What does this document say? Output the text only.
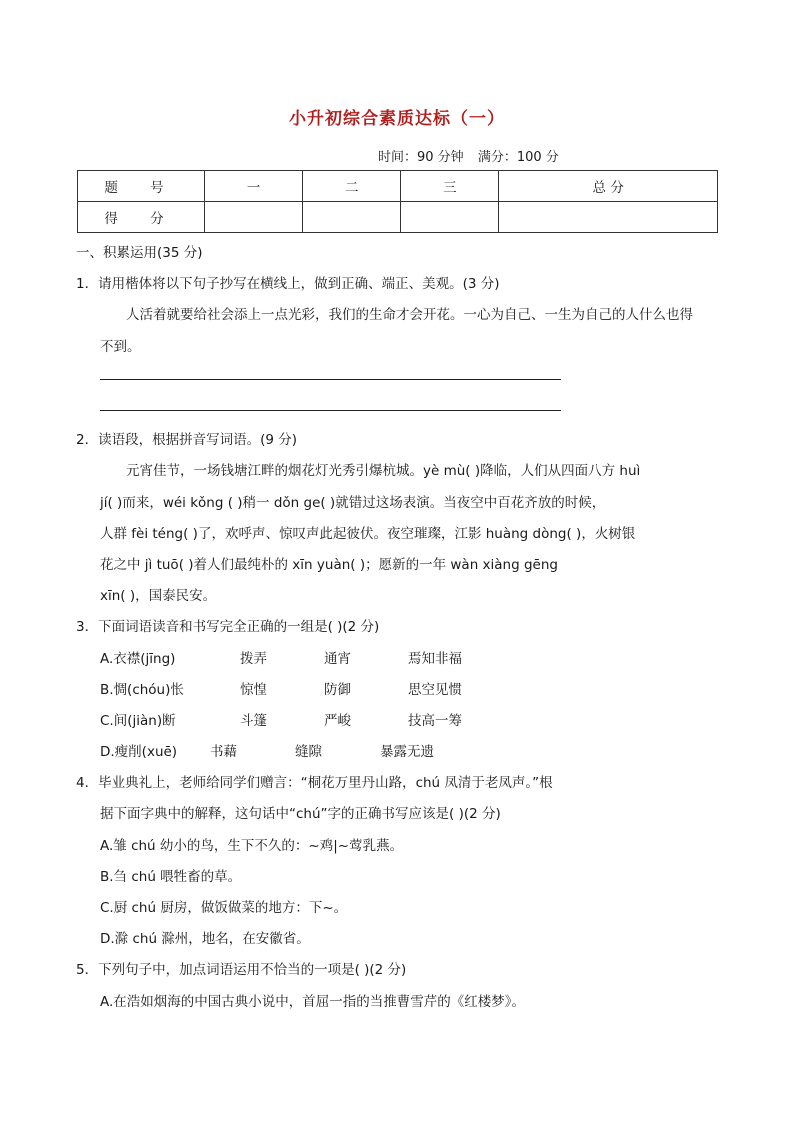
小升初综合素质达标（一）
时间：90 分钟 满分：100 分
题 号	一	二	三	总 分
得 分				
一、积累运用(35 分)
1．请用楷体将以下句子抄写在横线上，做到正确、端正、美观。(3 分)
人活着就要给社会添上一点光彩，我们的生命才会开花。一心为自己、一生为自己的人什么也得
不到。
2．读语段，根据拼音写词语。(9 分)
元宵佳节，一场钱塘江畔的烟花灯光秀引爆杭城。yè mù( )降临，人们从四面八方 huì
jí( )而来，wéi kǒng ( )稍一 dǒn ge( )就错过这场表演。当夜空中百花齐放的时候，
人群 fèi téng( )了，欢呼声、惊叹声此起彼伏。夜空璀璨，江影 huàng dòng( )，火树银
花之中 jì tuō( )着人们最纯朴的 xīn yuàn( )；愿新的一年 wàn xiàng gēng
xīn( )，国泰民安。
3．下面词语读音和书写完全正确的一组是( )(2 分)
A.衣襟(jīng)	拨弄	通宵	焉知非福
B.惆(chóu)怅	惊惶	防御	思空见惯
C.间(jiàn)断	斗篷	严峻	技高一筹
D.瘦削(xuē) 书藉	缝隙	暴露无遗
4．毕业典礼上，老师给同学们赠言：“桐花万里丹山路，chú 凤清于老凤声。”根
据下面字典中的解释，这句话中“chú”字的正确书写应该是( )(2 分)
A.雏 chú 幼小的鸟，生下不久的：~鸡|~莺乳燕。
B.刍 chú 喂牲畜的草。
C.厨 chú 厨房，做饭做菜的地方：下~。
D.滁 chú 滁州，地名，在安徽省。
5．下列句子中，加点词语运用不恰当的一项是( )(2 分)
A.在浩如烟海的中国古典小说中，首屈一指的当推曹雪芹的《红楼梦》。
